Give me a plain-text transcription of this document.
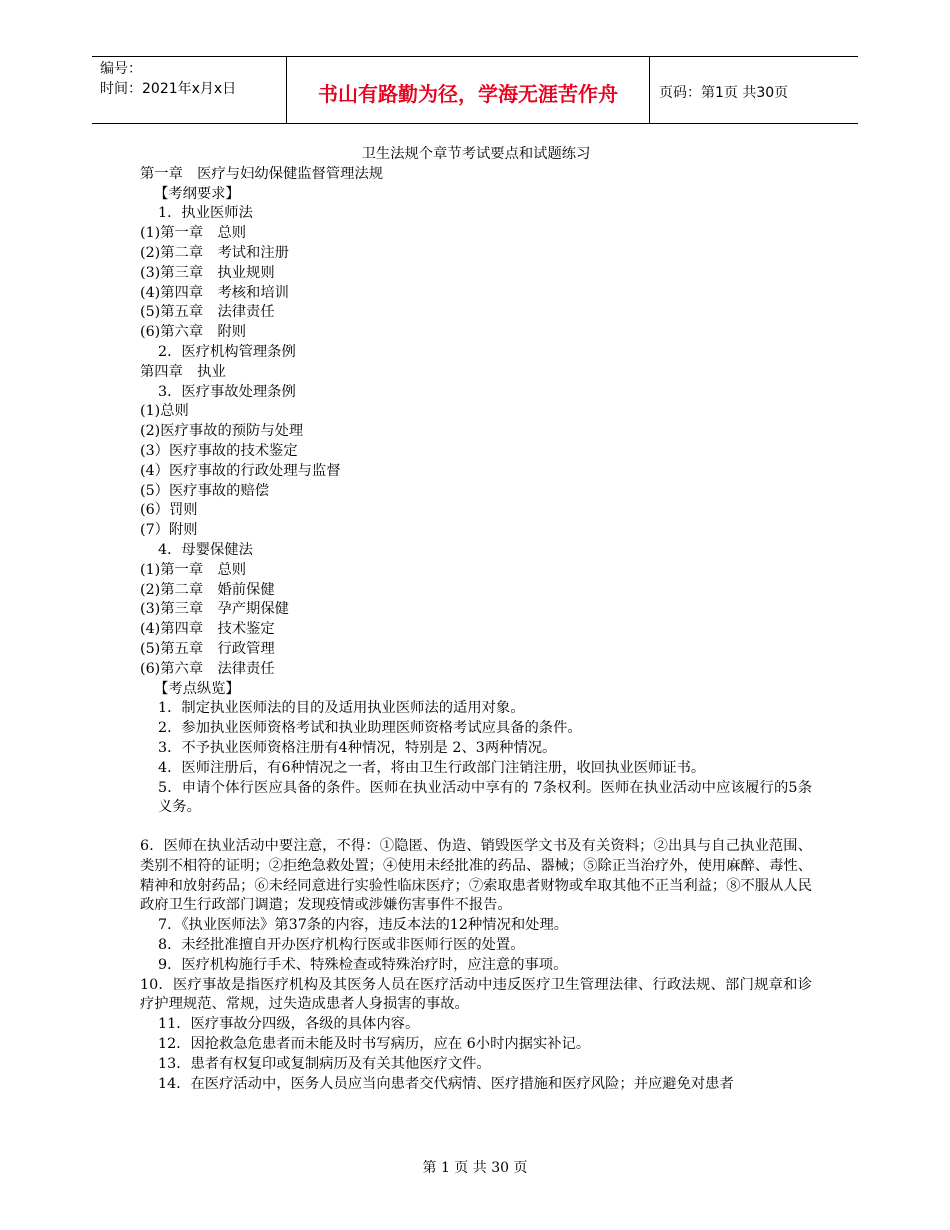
编号：
时间：2021年x月x日	书山有路勤为径，学海无涯苦作舟	页码：第1页 共30页

卫生法规个章节考试要点和试题练习

第一章　医疗与妇幼保健监督管理法规

【考纲要求】

1．执业医师法

(1)第一章　总则

(2)第二章　考试和注册

(3)第三章　执业规则

(4)第四章　考核和培训

(5)第五章　法律责任

(6)第六章　附则

2．医疗机构管理条例

第四章　执业

3．医疗事故处理条例

(1)总则

(2)医疗事故的预防与处理

(3）医疗事故的技术鉴定

(4）医疗事故的行政处理与监督

(5）医疗事故的赔偿

(6）罚则

(7）附则

4．母婴保健法

(1)第一章　总则

(2)第二章　婚前保健

(3)第三章　孕产期保健

(4)第四章　技术鉴定

(5)第五章　行政管理

(6)第六章　法律责任

【考点纵览】

1．制定执业医师法的目的及适用执业医师法的适用对象。

2．参加执业医师资格考试和执业助理医师资格考试应具备的条件。

3．不予执业医师资格注册有4种情况，特别是 2、3两种情况。

4．医师注册后，有6种情况之一者，将由卫生行政部门注销注册，收回执业医师证书。

5．申请个体行医应具备的条件。医师在执业活动中享有的 7条权利。医师在执业活动中应该履行的5条义务。

6．医师在执业活动中要注意，不得：①隐匿、伪造、销毁医学文书及有关资料；②出具与自己执业范围、类别不相符的证明；②拒绝急救处置；④使用未经批准的药品、器械；⑤除正当治疗外，使用麻醉、毒性、精神和放射药品；⑥未经同意进行实验性临床医疗；⑦索取患者财物或牟取其他不正当利益；⑧不服从人民政府卫生行政部门调遣；发现疫情或涉嫌伤害事件不报告。

7．《执业医师法》第37条的内容，违反本法的12种情况和处理。

8．未经批准擅自开办医疗机构行医或非医师行医的处置。

9．医疗机构施行手术、特殊检查或特殊治疗时，应注意的事项。

10．医疗事故是指医疗机构及其医务人员在医疗活动中违反医疗卫生管理法律、行政法规、部门规章和诊疗护理规范、常规，过失造成患者人身损害的事故。

11．医疗事故分四级，各级的具体内容。

12．因抢救急危患者而未能及时书写病历，应在 6小时内据实补记。

13．患者有权复印或复制病历及有关其他医疗文件。

14．在医疗活动中，医务人员应当向患者交代病情、医疗措施和医疗风险；并应避免对患者

第 1 页 共 30 页
